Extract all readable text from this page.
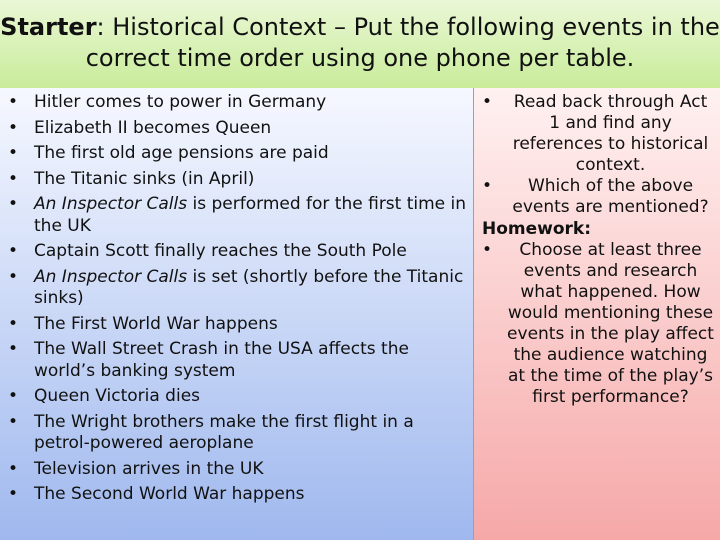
Starter: Historical Context – Put the following events in the
correct time order using one phone per table.
• Hitler comes to power in Germany
• Elizabeth II becomes Queen
• The first old age pensions are paid
• The Titanic sinks (in April)
• An Inspector Calls is performed for the first time in the UK
• Captain Scott finally reaches the South Pole
• An Inspector Calls is set (shortly before the Titanic sinks)
• The First World War happens
• The Wall Street Crash in the USA affects the world’s banking system
• Queen Victoria dies
• The Wright brothers make the first flight in a petrol-powered aeroplane
• Television arrives in the UK
• The Second World War happens
• Read back through Act 1 and find any references to historical context.
• Which of the above events are mentioned?
Homework:
• Choose at least three events and research what happened. How would mentioning these events in the play affect the audience watching at the time of the play’s first performance?
